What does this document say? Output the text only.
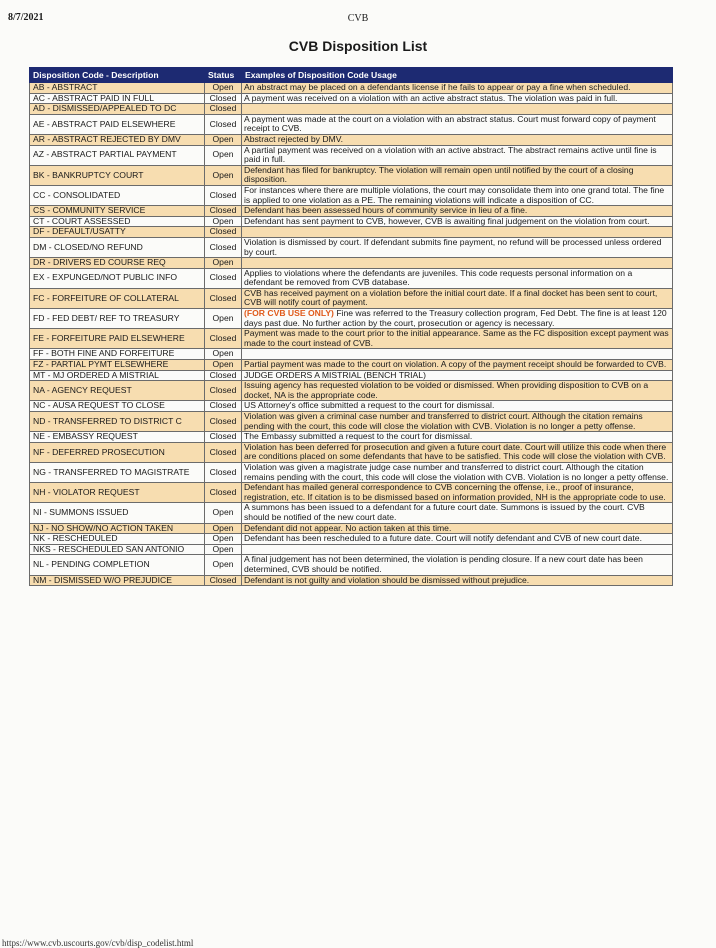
8/7/2021	CVB
CVB Disposition List
Disposition Code - Description	Status	Examples of Disposition Code Usage
AB - ABSTRACT	Open	An abstract may be placed on a defendants license if he fails to appear or pay a fine when scheduled.
AC - ABSTRACT PAID IN FULL	Closed	A payment was received on a violation with an active abstract status. The violation was paid in full.
AD - DISMISSED/APPEALED TO DC	Closed	
AE - ABSTRACT PAID ELSEWHERE	Closed	A payment was made at the court on a violation with an abstract status. Court must forward copy of payment receipt to CVB.
AR - ABSTRACT REJECTED BY DMV	Open	Abstract rejected by DMV.
AZ - ABSTRACT PARTIAL PAYMENT	Open	A partial payment was received on a violation with an active abstract. The abstract remains active until fine is paid in full.
BK - BANKRUPTCY COURT	Open	Defendant has filed for bankruptcy. The violation will remain open until notified by the court of a closing disposition.
CC - CONSOLIDATED	Closed	For instances where there are multiple violations, the court may consolidate them into one grand total. The fine is applied to one violation as a PE. The remaining violations will indicate a disposition of CC.
CS - COMMUNITY SERVICE	Closed	Defendant has been assessed hours of community service in lieu of a fine.
CT - COURT ASSESSED	Open	Defendant has sent payment to CVB, however, CVB is awaiting final judgement on the violation from court.
DF - DEFAULT/USATTY	Closed	
DM - CLOSED/NO REFUND	Closed	Violation is dismissed by court. If defendant submits fine payment, no refund will be processed unless ordered by court.
DR - DRIVERS ED COURSE REQ	Open	
EX - EXPUNGED/NOT PUBLIC INFO	Closed	Applies to violations where the defendants are juveniles. This code requests personal information on a defendant be removed from CVB database.
FC - FORFEITURE OF COLLATERAL	Closed	CVB has received payment on a violation before the initial court date. If a final docket has been sent to court, CVB will notify court of payment.
FD - FED DEBT/ REF TO TREASURY	Open	(FOR CVB USE ONLY) Fine was referred to the Treasury collection program, Fed Debt. The fine is at least 120 days past due. No further action by the court, prosecution or agency is necessary.
FE - FORFEITURE PAID ELSEWHERE	Closed	Payment was made to the court prior to the initial appearance. Same as the FC disposition except payment was made to the court instead of CVB.
FF - BOTH FINE AND FORFEITURE	Open	
FZ - PARTIAL PYMT ELSEWHERE	Open	Partial payment was made to the court on violation. A copy of the payment receipt should be forwarded to CVB.
MT - MJ ORDERED A MISTRIAL	Closed	JUDGE ORDERS A MISTRIAL (BENCH TRIAL)
NA - AGENCY REQUEST	Closed	Issuing agency has requested violation to be voided or dismissed. When providing disposition to CVB on a docket, NA is the appropriate code.
NC - AUSA REQUEST TO CLOSE	Closed	US Attorney's office submitted a request to the court for dismissal.
ND - TRANSFERRED TO DISTRICT C	Closed	Violation was given a criminal case number and transferred to district court. Although the citation remains pending with the court, this code will close the violation with CVB. Violation is no longer a petty offense.
NE - EMBASSY REQUEST	Closed	The Embassy submitted a request to the court for dismissal.
NF - DEFERRED PROSECUTION	Closed	Violation has been deferred for prosecution and given a future court date. Court will utilize this code when there are conditions placed on some defendants that have to be satisfied. This code will close the violation with CVB.
NG - TRANSFERRED TO MAGISTRATE	Closed	Violation was given a magistrate judge case number and transferred to district court. Although the citation remains pending with the court, this code will close the violation with CVB. Violation is no longer a petty offense.
NH - VIOLATOR REQUEST	Closed	Defendant has mailed general correspondence to CVB concerning the offense, i.e., proof of insurance, registration, etc. If citation is to be dismissed based on information provided, NH is the appropriate code to use.
NI - SUMMONS ISSUED	Open	A summons has been issued to a defendant for a future court date. Summons is issued by the court. CVB should be notified of the new court date.
NJ - NO SHOW/NO ACTION TAKEN	Open	Defendant did not appear. No action taken at this time.
NK - RESCHEDULED	Open	Defendant has been rescheduled to a future date. Court will notify defendant and CVB of new court date.
NKS - RESCHEDULED SAN ANTONIO	Open	
NL - PENDING COMPLETION	Open	A final judgement has not been determined, the violation is pending closure. If a new court date has been determined, CVB should be notified.
NM - DISMISSED W/O PREJUDICE	Closed	Defendant is not guilty and violation should be dismissed without prejudice.
https://www.cvb.uscourts.gov/cvb/disp_codelist.html
